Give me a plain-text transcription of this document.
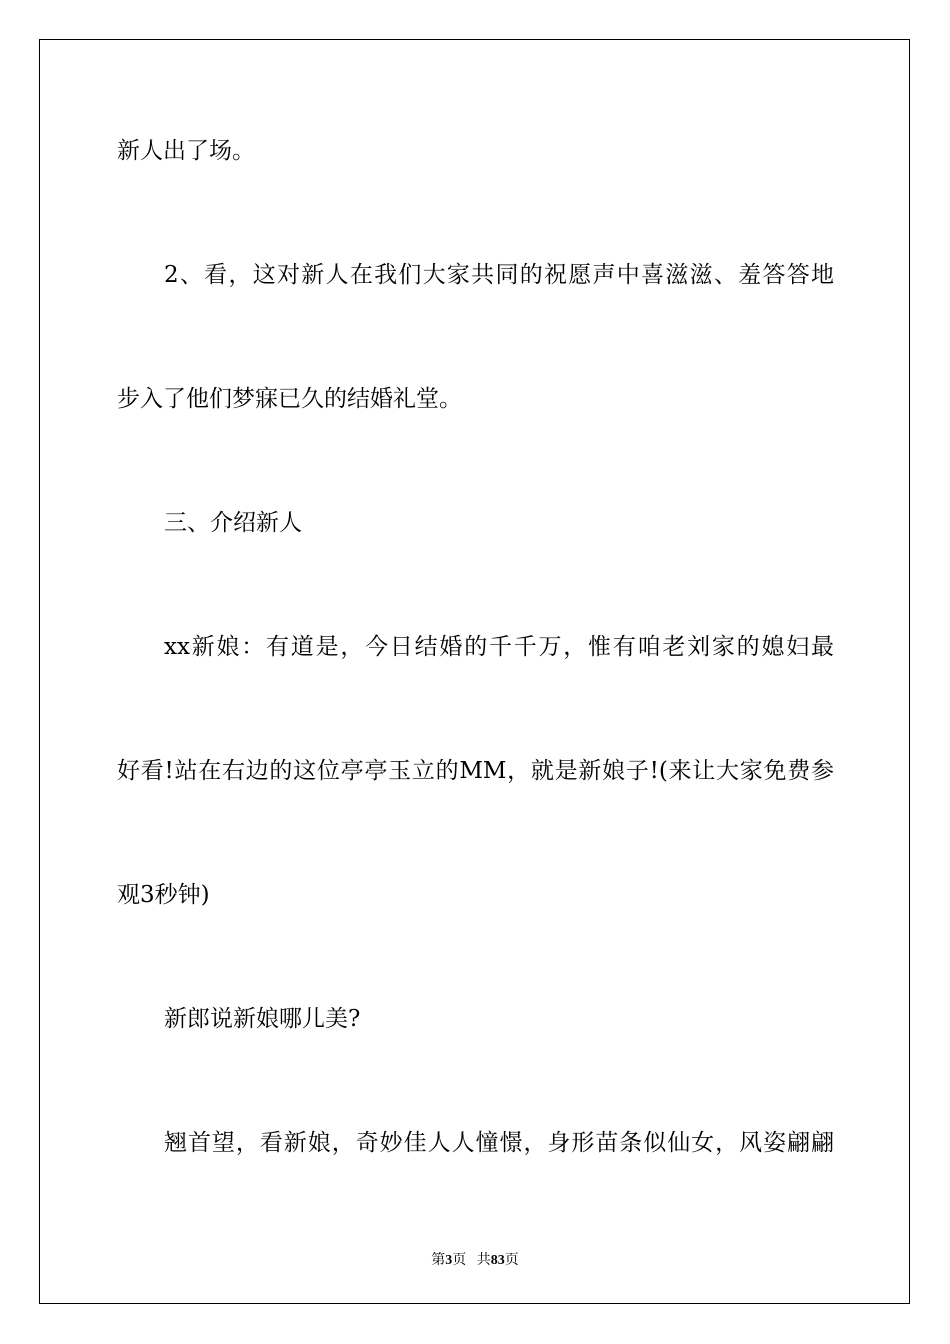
新人出了场。
2、看，这对新人在我们大家共同的祝愿声中喜滋滋、羞答答地
步入了他们梦寐已久的结婚礼堂。
三、介绍新人
xx新娘：有道是，今日结婚的千千万，惟有咱老刘家的媳妇最
好看!站在右边的这位亭亭玉立的MM，就是新娘子!(来让大家免费参
观3秒钟)
新郎说新娘哪儿美?
翘首望，看新娘，奇妙佳人人憧憬，身形苗条似仙女，风姿翩翩
第3页 共83页
